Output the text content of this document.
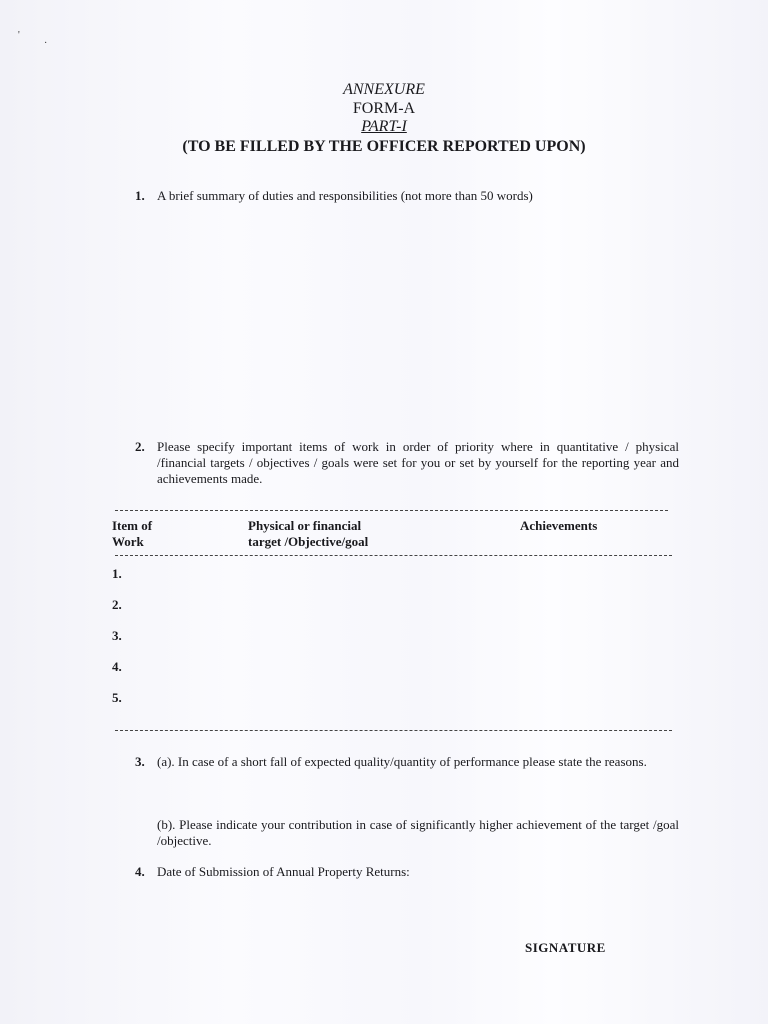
'
·
ANNEXURE
FORM-A
PART-I
(TO BE FILLED BY THE OFFICER REPORTED UPON)
1. A brief summary of duties and responsibilities (not more than 50 words)
2. Please specify important items of work in order of priority where in quantitative / physical /financial targets / objectives / goals were set for you or set by yourself for the reporting year and achievements made.
Item of
Work
Physical or financial
target /Objective/goal
Achievements
1.
2.
3.
4.
5.
3. (a). In case of a short fall of expected quality/quantity of performance please state the reasons.
(b). Please indicate your contribution in case of significantly higher achievement of the target /goal /objective.
4. Date of Submission of Annual Property Returns:
SIGNATURE
